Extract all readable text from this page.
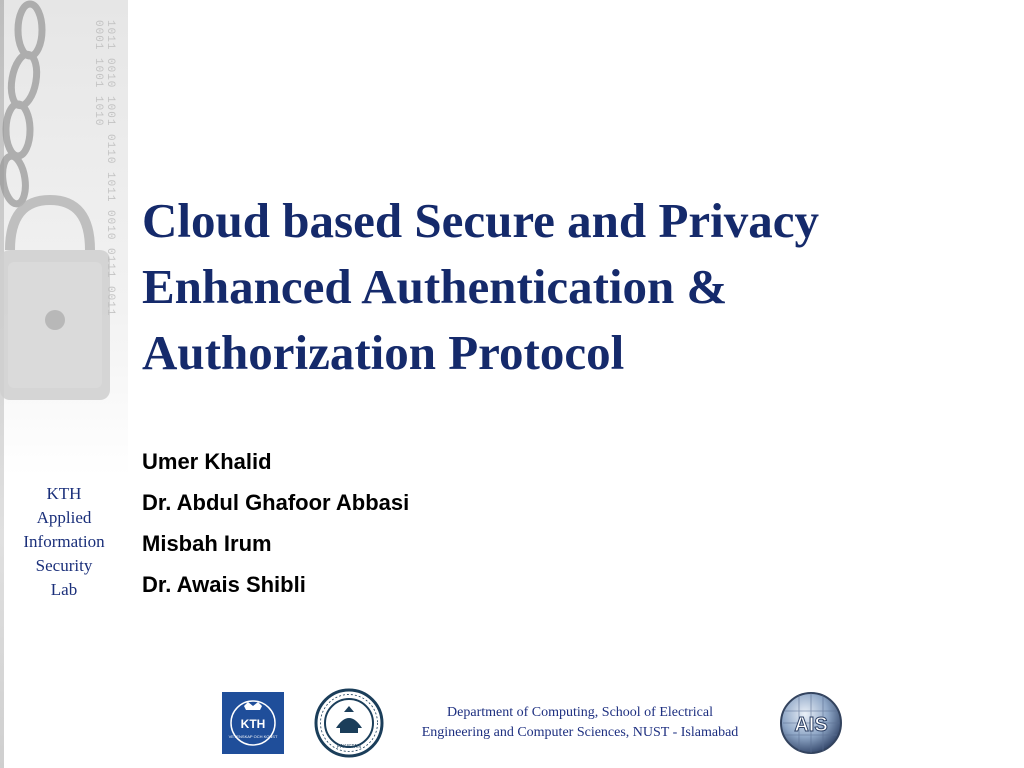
1011 0010 1001 0110 1011 0010 0111 0011 0001 1001 1010
KTH
Applied
Information
Security
Lab
Cloud based Secure and Privacy Enhanced Authentication & Authorization Protocol
Umer Khalid
Dr. Abdul Ghafoor Abbasi
Misbah Irum
Dr. Awais Shibli
KTH
VETENSKAP OCH KONST
PAKISTAN
Department of Computing, School of Electrical Engineering and Computer Sciences, NUST - Islamabad	AIS
